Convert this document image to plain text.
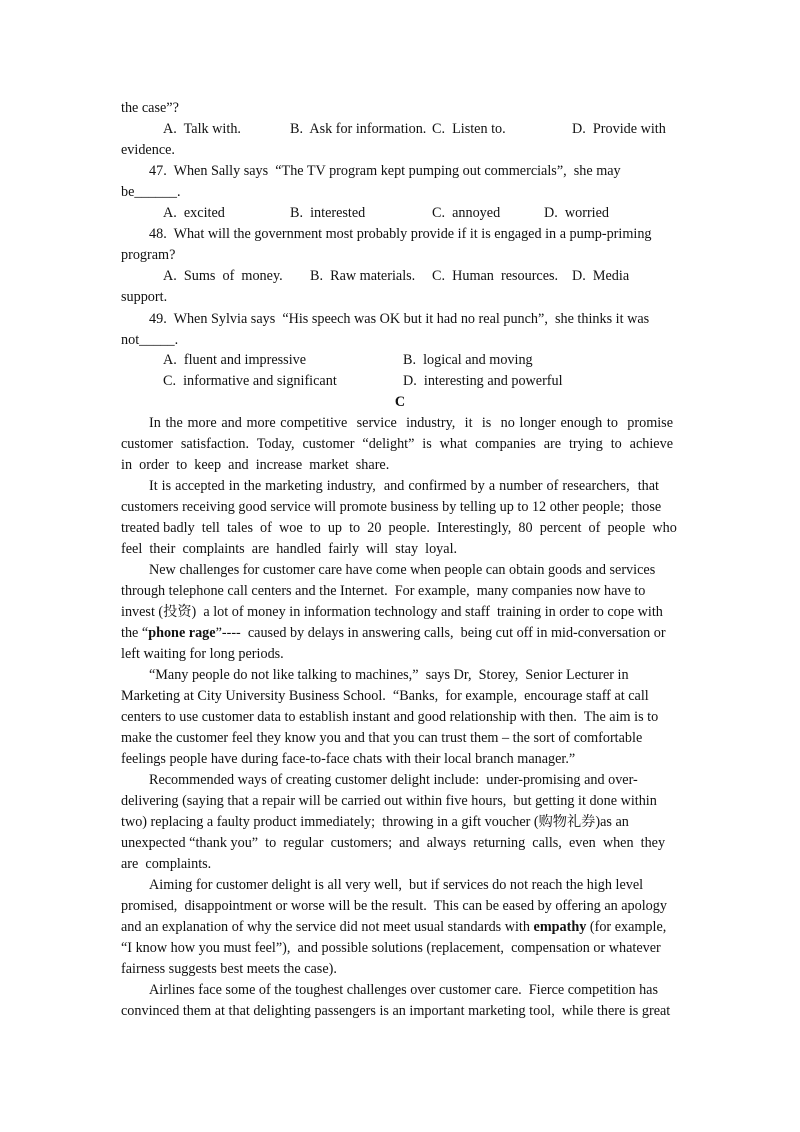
the case”?
A.  Talk with.	B.  Ask for information. C.  Listen to.	D.  Provide with
evidence.
47.  When Sally says  “The TV program kept pumping out commercials”,  she may
be______.
A.  excited	B.  interested	C.  annoyed	D.  worried
48.  What will the government most probably provide if it is engaged in a pump-priming
program?
A.  Sums  of  money. B.  Raw materials. C.  Human  resources. D.  Media
support.
49.  When Sylvia says  “His speech was OK but it had no real punch”,  she thinks it was
not_____.
A.  fluent and impressive	B.  logical and moving
C.  informative and significant	D.  interesting and powerful
C
In the more and more competitive  service  industry,  it  is  no longer enough to  promise
customer  satisfaction.  Today,  customer  “delight”  is  what  companies  are  trying  to  achieve
in  order  to  keep  and  increase  market  share.
It is accepted in the marketing industry,  and confirmed by a number of researchers,  that
customers receiving good service will promote business by telling up to 12 other people;  those
treated badly  tell  tales  of  woe  to  up  to  20  people.  Interestingly,  80  percent  of  people  who
feel  their  complaints  are  handled  fairly  will  stay  loyal.
New challenges for customer care have come when people can obtain goods and services
through telephone call centers and the Internet.  For example,  many companies now have to
invest (投资)  a lot of money in information technology and staff  training in order to cope with
the “phone rage”----  caused by delays in answering calls,  being cut off in mid-conversation or
left waiting for long periods.
“Many people do not like talking to machines,”  says Dr,  Storey,  Senior Lecturer in
Marketing at City University Business School.  “Banks,  for example,  encourage staff at call
centers to use customer data to establish instant and good relationship with then.  The aim is to
make the customer feel they know you and that you can trust them – the sort of comfortable
feelings people have during face-to-face chats with their local branch manager.”
Recommended ways of creating customer delight include:  under-promising and over-
delivering (saying that a repair will be carried out within five hours,  but getting it done within
two) replacing a faulty product immediately;  throwing in a gift voucher (购物礼券)as an
unexpected “thank you”  to  regular  customers;  and  always  returning  calls,  even  when  they
are  complaints.
Aiming for customer delight is all very well,  but if services do not reach the high level
promised,  disappointment or worse will be the result.  This can be eased by offering an apology
and an explanation of why the service did not meet usual standards with empathy (for example,
“I know how you must feel”),  and possible solutions (replacement,  compensation or whatever
fairness suggests best meets the case).
Airlines face some of the toughest challenges over customer care.  Fierce competition has
convinced them at that delighting passengers is an important marketing tool,  while there is great
